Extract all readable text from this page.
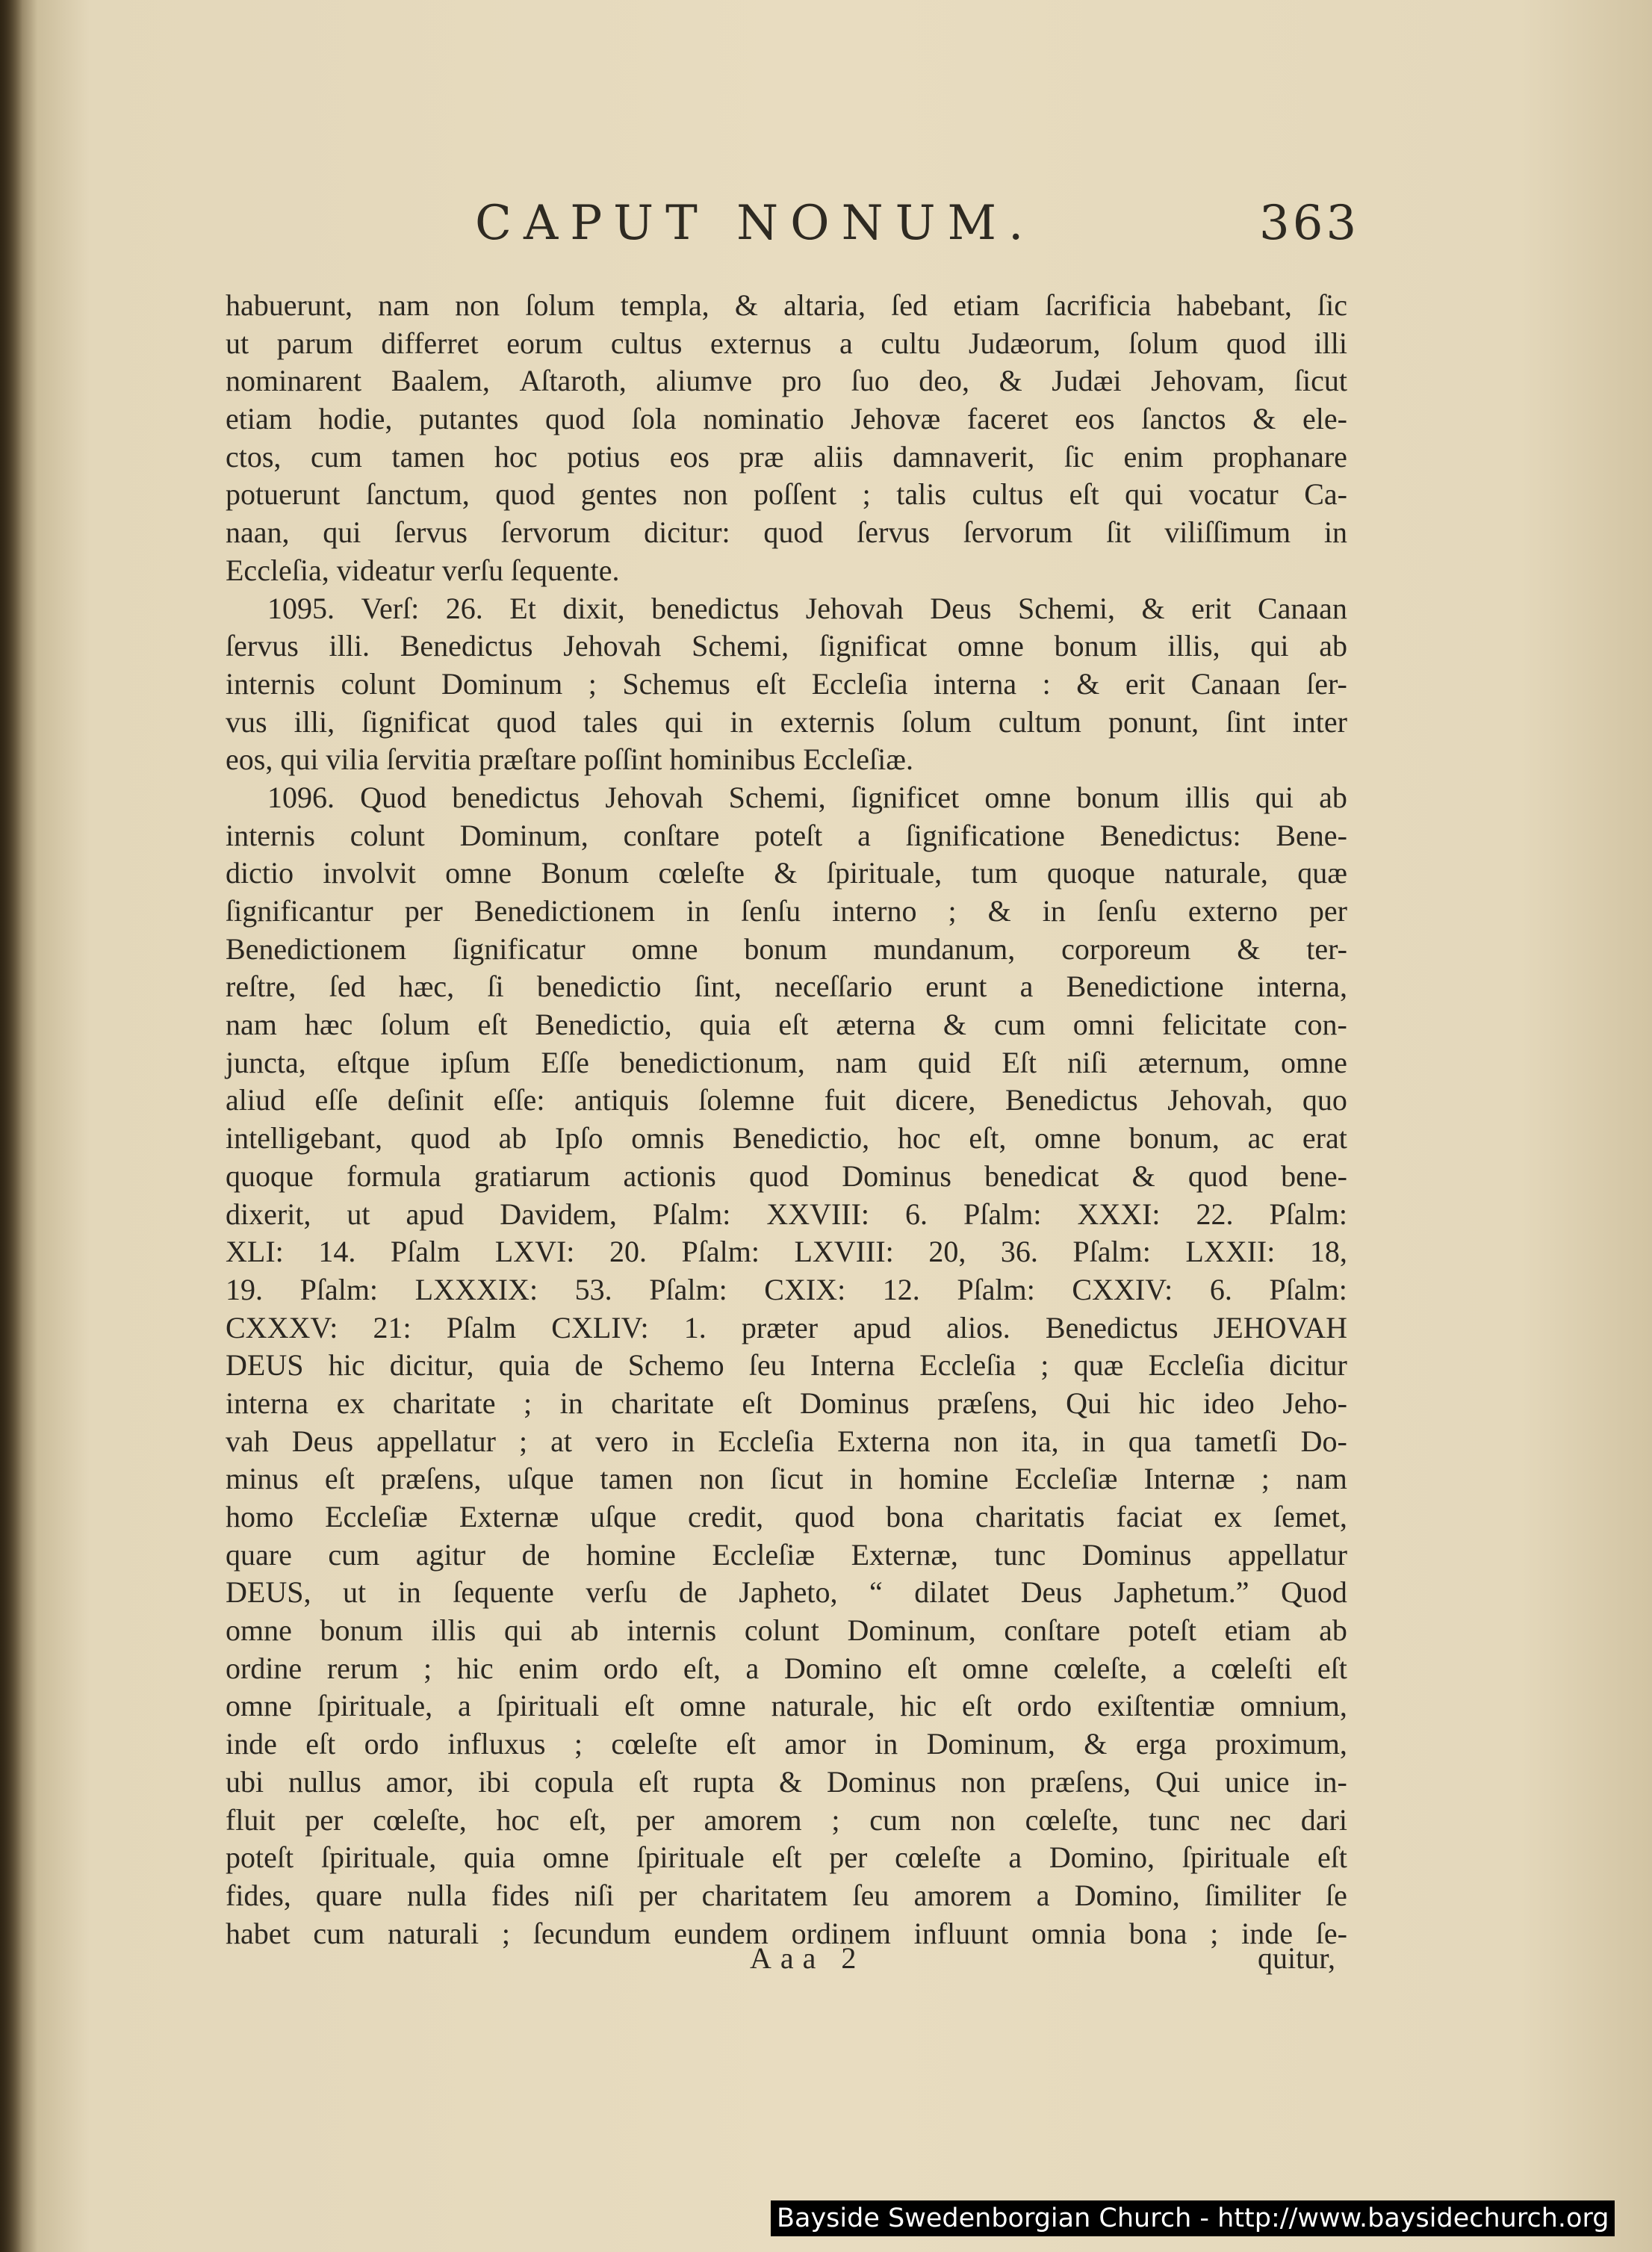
CAPUT NONUM.	363
habuerunt, nam non ſolum templa, & altaria, ſed etiam ſacrificia habebant, ſic
ut parum differret eorum cultus externus a cultu Judæorum, ſolum quod illi
nominarent Baalem, Aſtaroth, aliumve pro ſuo deo, & Judæi Jehovam, ſicut
etiam hodie, putantes quod ſola nominatio Jehovæ faceret eos ſanctos & ele-
ctos, cum tamen hoc potius eos præ aliis damnaverit, ſic enim prophanare
potuerunt ſanctum, quod gentes non poſſent ; talis cultus eſt qui vocatur Ca-
naan, qui ſervus ſervorum dicitur: quod ſervus ſervorum ſit viliſſimum in
Eccleſia, videatur verſu ſequente.
1095. Verſ: 26. Et dixit, benedictus Jehovah Deus Schemi, & erit Canaan
ſervus illi. Benedictus Jehovah Schemi, ſignificat omne bonum illis, qui ab
internis colunt Dominum ; Schemus eſt Eccleſia interna : & erit Canaan ſer-
vus illi, ſignificat quod tales qui in externis ſolum cultum ponunt, ſint inter
eos, qui vilia ſervitia præſtare poſſint hominibus Eccleſiæ.
1096. Quod benedictus Jehovah Schemi, ſignificet omne bonum illis qui ab
internis colunt Dominum, conſtare poteſt a ſignificatione Benedictus: Bene-
dictio involvit omne Bonum cœleſte & ſpirituale, tum quoque naturale, quæ
ſignificantur per Benedictionem in ſenſu interno ; & in ſenſu externo per
Benedictionem ſignificatur omne bonum mundanum, corporeum & ter-
reſtre, ſed hæc, ſi benedictio ſint, neceſſario erunt a Benedictione interna,
nam hæc ſolum eſt Benedictio, quia eſt æterna & cum omni felicitate con-
juncta, eſtque ipſum Eſſe benedictionum, nam quid Eſt niſi æternum, omne
aliud eſſe deſinit eſſe: antiquis ſolemne fuit dicere, Benedictus Jehovah, quo
intelligebant, quod ab Ipſo omnis Benedictio, hoc eſt, omne bonum, ac erat
quoque formula gratiarum actionis quod Dominus benedicat & quod bene-
dixerit, ut apud Davidem, Pſalm: XXVIII: 6. Pſalm: XXXI: 22. Pſalm:
XLI: 14. Pſalm LXVI: 20. Pſalm: LXVIII: 20, 36. Pſalm: LXXII: 18,
19. Pſalm: LXXXIX: 53. Pſalm: CXIX: 12. Pſalm: CXXIV: 6. Pſalm:
CXXXV: 21: Pſalm CXLIV: 1. præter apud alios. Benedictus JEHOVAH
DEUS hic dicitur, quia de Schemo ſeu Interna Eccleſia ; quæ Eccleſia dicitur
interna ex charitate ; in charitate eſt Dominus præſens, Qui hic ideo Jeho-
vah Deus appellatur ; at vero in Eccleſia Externa non ita, in qua tametſi Do-
minus eſt præſens, uſque tamen non ſicut in homine Eccleſiæ Internæ ; nam
homo Eccleſiæ Externæ uſque credit, quod bona charitatis faciat ex ſemet,
quare cum agitur de homine Eccleſiæ Externæ, tunc Dominus appellatur
DEUS, ut in ſequente verſu de Japheto, “ dilatet Deus Japhetum.” Quod
omne bonum illis qui ab internis colunt Dominum, conſtare poteſt etiam ab
ordine rerum ; hic enim ordo eſt, a Domino eſt omne cœleſte, a cœleſti eſt
omne ſpirituale, a ſpirituali eſt omne naturale, hic eſt ordo exiſtentiæ omnium,
inde eſt ordo influxus ; cœleſte eſt amor in Dominum, & erga proximum,
ubi nullus amor, ibi copula eſt rupta & Dominus non præſens, Qui unice in-
fluit per cœleſte, hoc eſt, per amorem ; cum non cœleſte, tunc nec dari
poteſt ſpirituale, quia omne ſpirituale eſt per cœleſte a Domino, ſpirituale eſt
fides, quare nulla fides niſi per charitatem ſeu amorem a Domino, ſimiliter ſe
habet cum naturali ; ſecundum eundem ordinem influunt omnia bona ; inde ſe-
Aaa 2	quitur,
Bayside Swedenborgian Church - http://www.baysidechurch.org
